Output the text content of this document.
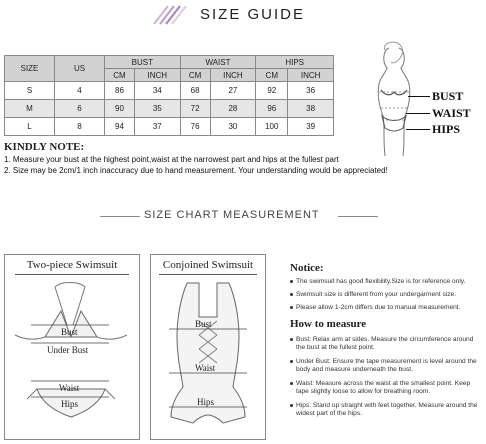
SIZE GUIDE
SIZE	US	BUST		WAIST		HIPS	
		CM	INCH	CM	INCH	CM	INCH
S	4	86	34	68	27	92	36
M	6	90	35	72	28	96	38
L	8	94	37	76	30	100	39
BUST
WAIST
HIPS
KINDLY NOTE:
1. Measure your bust at the highest point,waist at the narrowest part and hips at the fullest part
2. Size may be 2cm/1 inch inaccuracy due to hand measurement. Your understanding would be appreciated!
SIZE CHART MEASUREMENT
Two-piece Swimsuit
Bust
Under Bust
Waist
Hips
Conjoined Swimsuit
Bust
Waist
Hips
Notice:
The swimsuit has good flexibility.Size is for reference only.
Swimsuit size is different from your undergarment size.
Please allow 1-2cm differs due to manual measurement.
How to measure
Bust: Relax arm at sides. Measure the circumference around
the bust at the fullest point.
Under Bust: Ensure the tape measurement is level around the
body and measure underneath the bust.
Waist: Measure across the waist at the smallest point. Keep
tape slightly loose to allow for breathing room.
Hips: Stand up straight with feet together. Measure around the
widest part of the hips.
